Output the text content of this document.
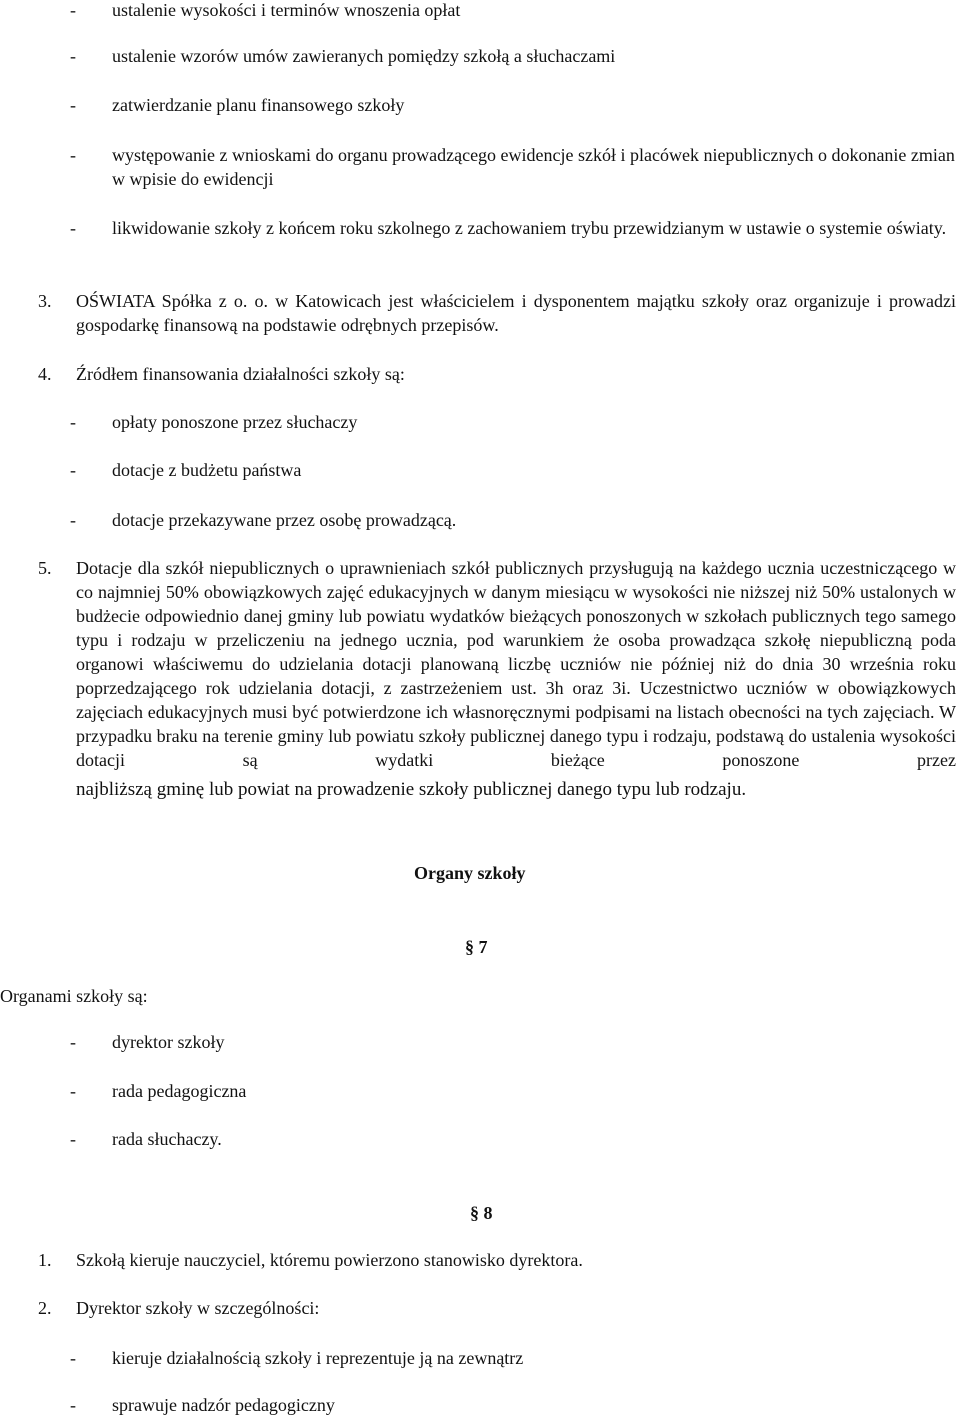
- ustalenie wysokości i terminów wnoszenia opłat
- ustalenie wzorów umów zawieranych pomiędzy szkołą a słuchaczami
- zatwierdzanie planu finansowego szkoły
- występowanie z wnioskami do organu prowadzącego ewidencje szkół i placówek niepublicznych o dokonanie zmian w wpisie do ewidencji
- likwidowanie szkoły z końcem roku szkolnego z zachowaniem trybu przewidzianym w ustawie o systemie oświaty.
3. OŚWIATA Spółka z o. o. w Katowicach jest właścicielem i dysponentem majątku szkoły oraz organizuje i prowadzi gospodarkę finansową na podstawie odrębnych przepisów.
4. Źródłem finansowania działalności szkoły są:
- opłaty ponoszone przez słuchaczy
- dotacje z budżetu państwa
- dotacje przekazywane przez osobę prowadzącą.
5. Dotacje dla szkół niepublicznych o uprawnieniach szkół publicznych przysługują na każdego ucznia uczestniczącego w co najmniej 50% obowiązkowych zajęć edukacyjnych w danym miesiącu w wysokości nie niższej niż 50% ustalonych w budżecie odpowiednio danej gminy lub powiatu wydatków bieżących ponoszonych w szkołach publicznych tego samego typu i rodzaju w przeliczeniu na jednego ucznia, pod warunkiem że osoba prowadząca szkołę niepubliczną poda organowi właściwemu do udzielania dotacji planowaną liczbę uczniów nie później niż do dnia 30 września roku poprzedzającego rok udzielania dotacji, z zastrzeżeniem ust. 3h oraz 3i. Uczestnictwo uczniów w obowiązkowych zajęciach edukacyjnych musi być potwierdzone ich własnoręcznymi podpisami na listach obecności na tych zajęciach. W przypadku braku na terenie gminy lub powiatu szkoły publicznej danego typu i rodzaju, podstawą do ustalenia wysokości dotacji są wydatki bieżące ponoszone przez
najbliższą gminę lub powiat na prowadzenie szkoły publicznej danego typu lub rodzaju.
Organy szkoły
§ 7
Organami szkoły są:
- dyrektor szkoły
- rada pedagogiczna
- rada słuchaczy.
§ 8
1. Szkołą kieruje nauczyciel, któremu powierzono stanowisko dyrektora.
2. Dyrektor szkoły w szczególności:
- kieruje działalnością szkoły i reprezentuje ją na zewnątrz
- sprawuje nadzór pedagogiczny
